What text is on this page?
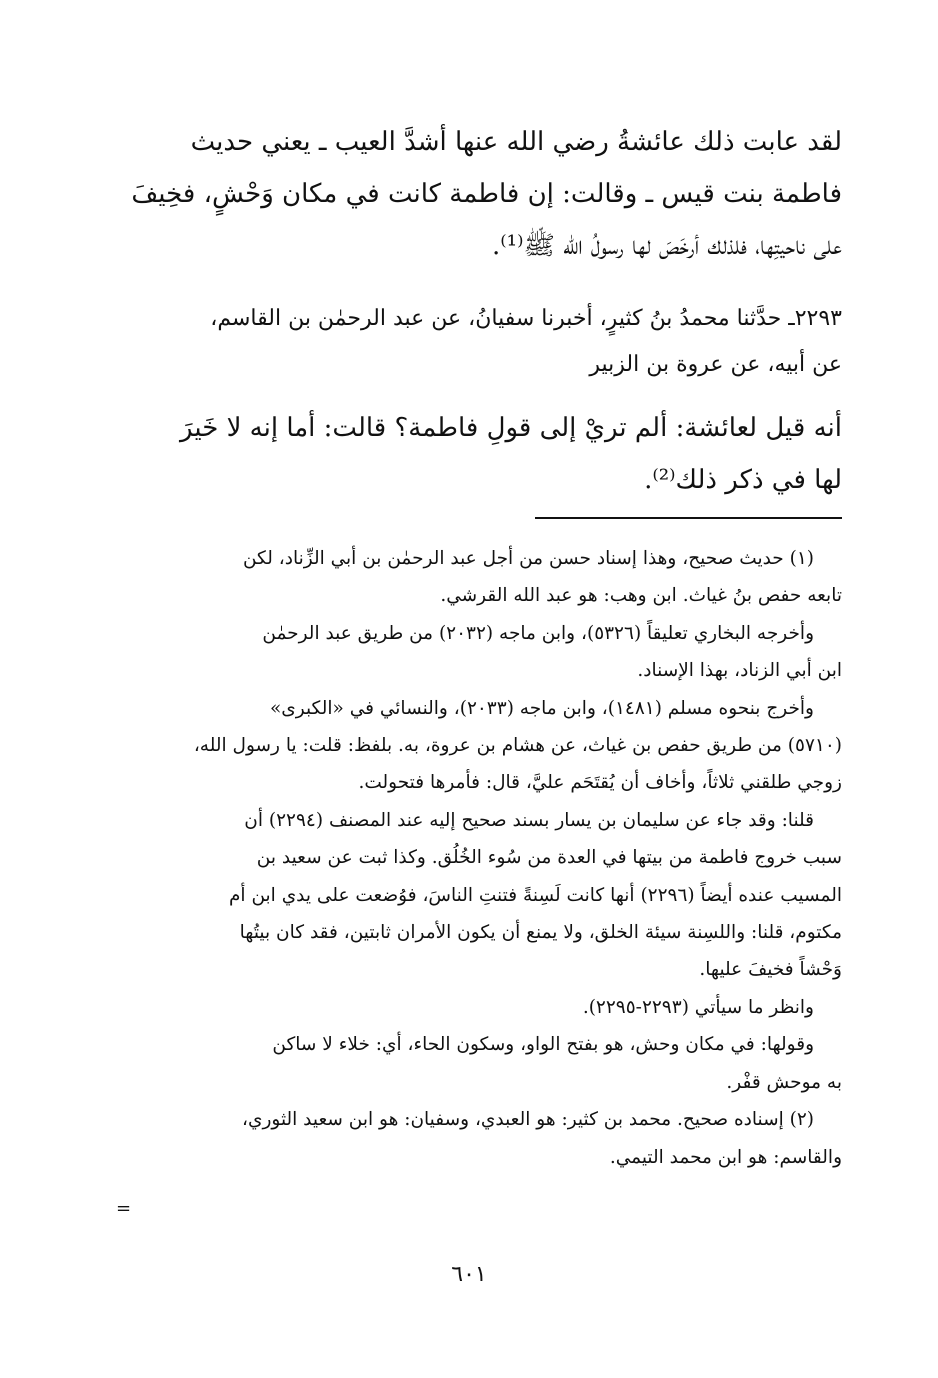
لقد عابت ذلك عائشةُ رضي الله عنها أشدَّ العيب ـ يعني حديث
فاطمة بنت قيس ـ وقالت: إن فاطمة كانت في مكان وَحْشٍ، فخِيفَ
على ناحيتِها، فلذلك أرخَصَ لها رسولُ الله ﷺ⁽¹⁾.
٢٢٩٣ـ حدَّثنا محمدُ بنُ كثيرٍ، أخبرنا سفيانُ، عن عبد الرحمٰن بن القاسم،
عن أبيه، عن عروة بن الزبير
أنه قيل لعائشة: ألم تريْ إلى قولِ فاطمة؟ قالت: أما إنه لا خَيرَ
لها في ذكر ذلك⁽²⁾.
(١) حديث صحيح، وهذا إسناد حسن من أجل عبد الرحمٰن بن أبي الزِّناد، لكن
تابعه حفص بنُ غياث. ابن وهب: هو عبد الله القرشي.
وأخرجه البخاري تعليقاً (٥٣٢٦)، وابن ماجه (٢٠٣٢) من طريق عبد الرحمٰن
ابن أبي الزناد، بهذا الإسناد.
وأخرج بنحوه مسلم (١٤٨١)، وابن ماجه (٢٠٣٣)، والنسائي في «الكبرى»
(٥٧١٠) من طريق حفص بن غياث، عن هشام بن عروة، به. بلفظ: قلت: يا رسول الله،
زوجي طلقني ثلاثاً، وأخاف أن يُقتَحَم عليَّ، قال: فأمرها فتحولت.
قلنا: وقد جاء عن سليمان بن يسار بسند صحيح إليه عند المصنف (٢٢٩٤) أن
سبب خروج فاطمة من بيتها في العدة من سُوء الخُلُق. وكذا ثبت عن سعيد بن
المسيب عنده أيضاً (٢٢٩٦) أنها كانت لَسِنةً فتنتِ الناسَ، فوُضعت على يدي ابن أم
مكتوم، قلنا: واللسِنة سيئة الخلق، ولا يمنع أن يكون الأمران ثابتين، فقد كان بيتُها
وَحْشاً فخيفَ عليها.
وانظر ما سيأتي (٢٢٩٣-٢٢٩٥).
وقولها: في مكان وحش، هو بفتح الواو، وسكون الحاء، أي: خلاء لا ساكن
به موحش قفْر.
(٢) إسناده صحيح. محمد بن كثير: هو العبدي، وسفيان: هو ابن سعيد الثوري،
والقاسم: هو ابن محمد التيمي.
=
٦٠١
